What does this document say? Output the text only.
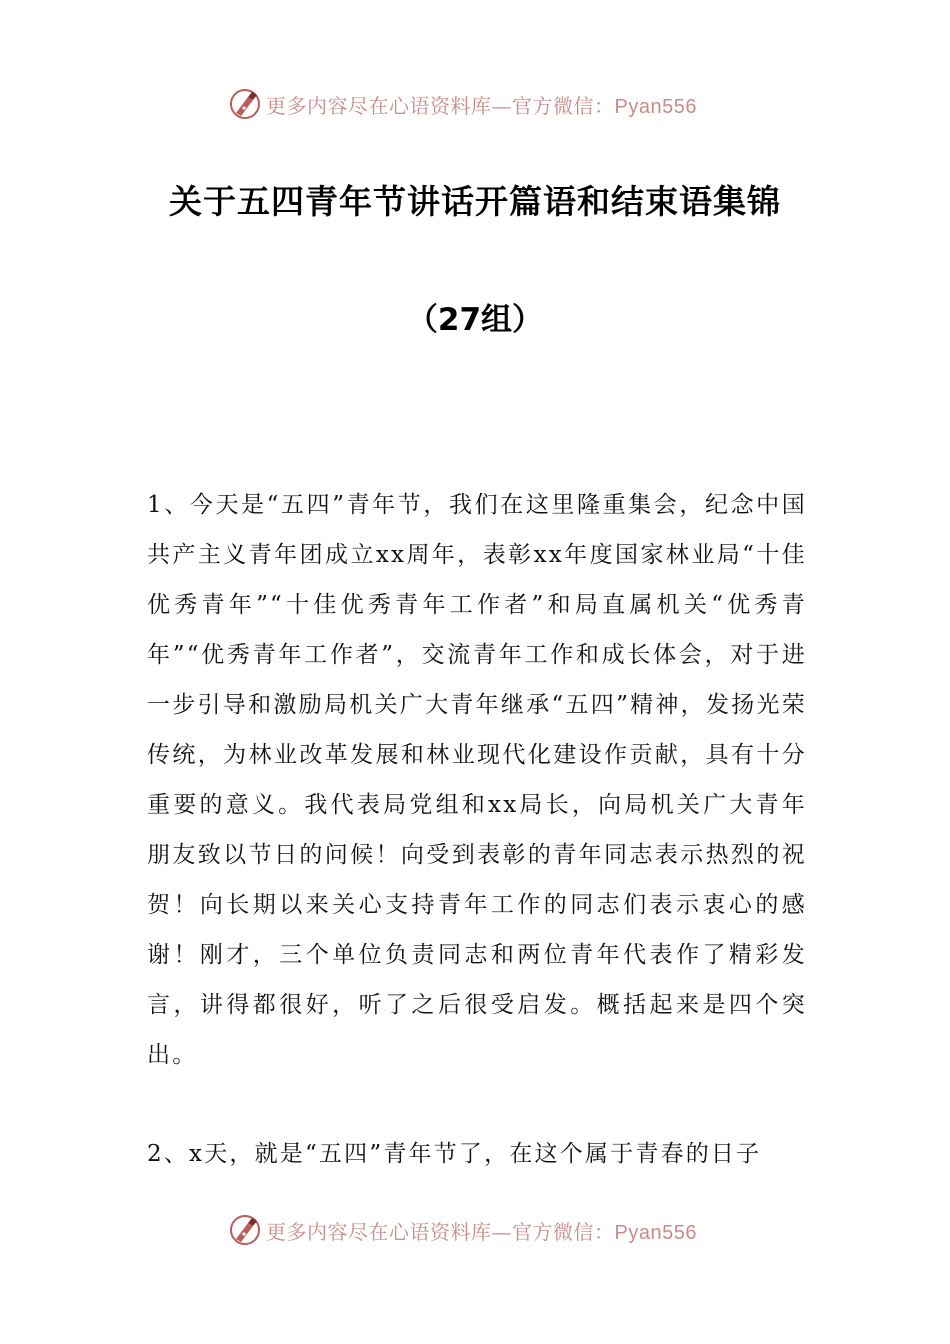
更多内容尽在心语资料库—官方微信：Pyan556
关于五四青年节讲话开篇语和结束语集锦
（27组）
1、今天是“五四”青年节，我们在这里隆重集会，纪念中国共产主义青年团成立xx周年，表彰xx年度国家林业局“十佳优秀青年”“十佳优秀青年工作者”和局直属机关“优秀青年”“优秀青年工作者”，交流青年工作和成长体会，对于进一步引导和激励局机关广大青年继承“五四”精神，发扬光荣传统，为林业改革发展和林业现代化建设作贡献，具有十分重要的意义。我代表局党组和xx局长，向局机关广大青年朋友致以节日的问候！向受到表彰的青年同志表示热烈的祝贺！向长期以来关心支持青年工作的同志们表示衷心的感谢！刚才，三个单位负责同志和两位青年代表作了精彩发言，讲得都很好，听了之后很受启发。概括起来是四个突出。
2、x天，就是“五四”青年节了，在这个属于青春的日子
更多内容尽在心语资料库—官方微信：Pyan556
